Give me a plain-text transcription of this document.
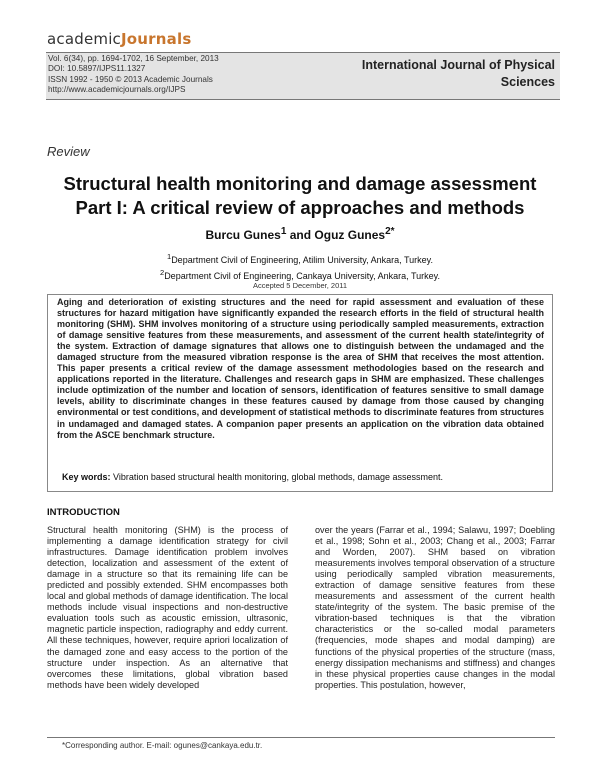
academicJournals
Vol. 6(34), pp. 1694-1702, 16 September, 2013
DOI: 10.5897/IJPS11.1327
ISSN 1992 - 1950 © 2013 Academic Journals
http://www.academicjournals.org/IJPS
International Journal of Physical
Sciences
Review
Structural health monitoring and damage assessment
Part I: A critical review of approaches and methods
Burcu Gunes$^1$ and Oguz Gunes$^{2*}$
$^1$Department Civil of Engineering, Atilim University, Ankara, Turkey.
$^2$Department Civil of Engineering, Cankaya University, Ankara, Turkey.
Accepted 5 December, 2011
Aging and deterioration of existing structures and the need for rapid assessment and evaluation of these structures for hazard mitigation have significantly expanded the research efforts in the field of structural health monitoring (SHM). SHM involves monitoring of a structure using periodically sampled measurements, extraction of damage sensitive features from these measurements, and assessment of the current health state/integrity of the system. Extraction of damage signatures that allows one to distinguish between the undamaged and the damaged structure from the measured vibration response is the area of SHM that receives the most attention. This paper presents a critical review of the damage assessment methodologies based on the research and applications reported in the literature. Challenges and research gaps in SHM are emphasized. These challenges include optimization of the number and location of sensors, identification of features sensitive to small damage levels, ability to discriminate changes in these features caused by damage from those caused by changing environmental or test conditions, and development of statistical methods to discriminate features from structures in undamaged and damaged states. A companion paper presents an application on the vibration data obtained from the ASCE benchmark structure.
Key words: Vibration based structural health monitoring, global methods, damage assessment.
INTRODUCTION
Structural health monitoring (SHM) is the process of implementing a damage identification strategy for civil infrastructures. Damage identification problem involves detection, localization and assessment of the extent of damage in a structure so that its remaining life can be predicted and possibly extended. SHM encompasses both local and global methods of damage identification. The local methods include visual inspections and non-destructive evaluation tools such as acoustic emission, ultrasonic, magnetic particle inspection, radiography and eddy current. All these techniques, however, require apriori localization of the damaged zone and easy access to the portion of the structure under inspection. As an alternative that overcomes these limitations, global vibration based methods have been widely developed
over the years (Farrar et al., 1994; Salawu, 1997; Doebling et al., 1998; Sohn et al., 2003; Chang et al., 2003; Farrar and Worden, 2007). SHM based on vibration measurements involves temporal observation of a structure using periodically sampled vibration measurements, extraction of damage sensitive features from these measurements and assessment of the current health state/integrity of the system. The basic premise of the vibration-based techniques is that the vibration characteristics or the so-called modal parameters (frequencies, mode shapes and modal damping) are functions of the physical properties of the structure (mass, energy dissipation mechanisms and stiffness) and changes in these physical properties cause changes in the modal properties. This postulation, however,
*Corresponding author. E-mail: ogunes@cankaya.edu.tr.
